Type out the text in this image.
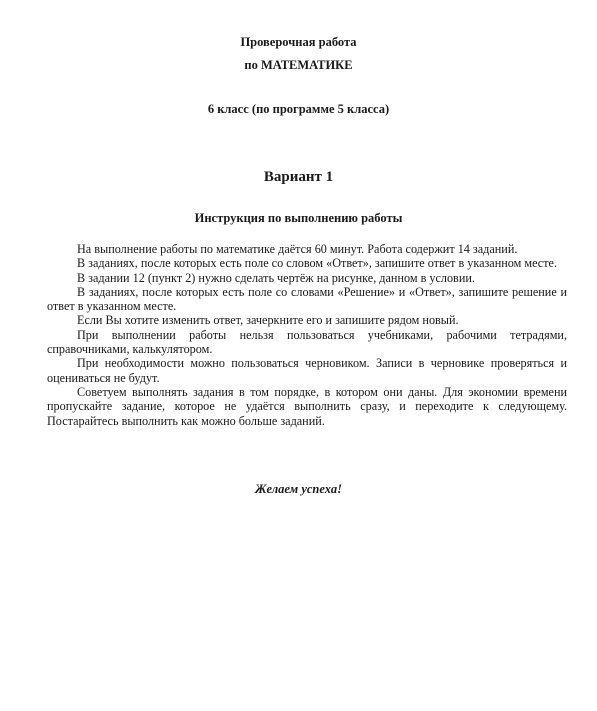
Проверочная работа
по МАТЕМАТИКЕ
6 класс (по программе 5 класса)
Вариант 1
Инструкция по выполнению работы

На выполнение работы по математике даётся 60 минут. Работа содержит 14 заданий.

В заданиях, после которых есть поле со словом «Ответ», запишите ответ в указанном месте.

В задании 12 (пункт 2) нужно сделать чертёж на рисунке, данном в условии.

В заданиях, после которых есть поле со словами «Решение» и «Ответ», запишите решение и ответ в указанном месте.

Если Вы хотите изменить ответ, зачеркните его и запишите рядом новый.

При выполнении работы нельзя пользоваться учебниками, рабочими тетрадями, справочниками, калькулятором.

При необходимости можно пользоваться черновиком. Записи в черновике проверяться и оцениваться не будут.

Советуем выполнять задания в том порядке, в котором они даны. Для экономии времени пропускайте задание, которое не удаётся выполнить сразу, и переходите к следующему. Постарайтесь выполнить как можно больше заданий.

Желаем успеха!
